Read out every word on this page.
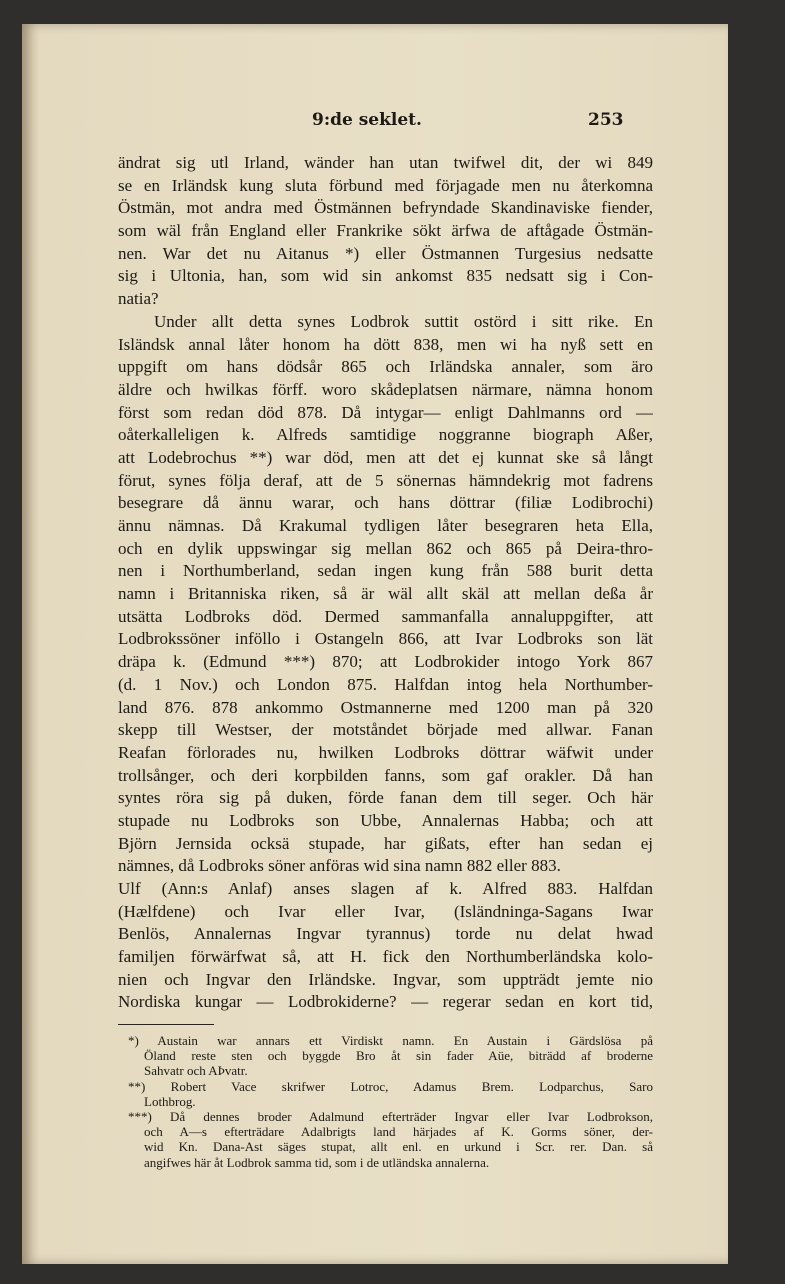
9:de seklet.	253
ändrat sig utl Irland, wänder han utan twifwel dit, der wi 849
se en Irländsk kung sluta förbund med förjagade men nu återkomna
Östmän, mot andra med Östmännen befryndade Skandinaviske fiender,
som wäl från England eller Frankrike sökt ärfwa de aftågade Östmän-
nen. War det nu Aitanus *) eller Östmannen Turgesius nedsatte
sig i Ultonia, han, som wid sin ankomst 835 nedsatt sig i Con-
natia?
Under allt detta synes Lodbrok suttit ostörd i sitt rike. En
Isländsk annal låter honom ha dött 838, men wi ha nyß sett en
uppgift om hans dödsår 865 och Irländska annaler, som äro
äldre och hwilkas förff. woro skådeplatsen närmare, nämna honom
först som redan död 878. Då intygar— enligt Dahlmanns ord —
oåterkalleligen k. Alfreds samtidige noggranne biograph Aßer,
att Lodebrochus **) war död, men att det ej kunnat ske så långt
förut, synes följa deraf, att de 5 sönernas hämndekrig mot fadrens
besegrare då ännu warar, och hans döttrar (filiæ Lodibrochi)
ännu nämnas. Då Krakumal tydligen låter besegraren heta Ella,
och en dylik uppswingar sig mellan 862 och 865 på Deira-thro-
nen i Northumberland, sedan ingen kung från 588 burit detta
namn i Britanniska riken, så är wäl allt skäl att mellan deßa år
utsätta Lodbroks död. Dermed sammanfalla annaluppgifter, att
Lodbrokssöner inföllo i Ostangeln 866, att Ivar Lodbroks son lät
dräpa k. (Edmund ***) 870; att Lodbrokider intogo York 867
(d. 1 Nov.) och London 875. Halfdan intog hela Northumber-
land 876. 878 ankommo Ostmannerne med 1200 man på 320
skepp till Westser, der motståndet började med allwar. Fanan
Reafan förlorades nu, hwilken Lodbroks döttrar wäfwit under
trollsånger, och deri korpbilden fanns, som gaf orakler. Då han
syntes röra sig på duken, förde fanan dem till seger. Och här
stupade nu Lodbroks son Ubbe, Annalernas Habba; och att
Björn Jernsida ocksä stupade, har gißats, efter han sedan ej
nämnes, då Lodbroks söner anföras wid sina namn 882 eller 883.
Ulf (Ann:s Anlaf) anses slagen af k. Alfred 883. Halfdan
(Hælfdene) och Ivar eller Ivar, (Isländninga-Sagans Iwar
Benlös, Annalernas Ingvar tyrannus) torde nu delat hwad
familjen förwärfwat så, att H. fick den Northumberländska kolo-
nien och Ingvar den Irländske. Ingvar, som uppträdt jemte nio
Nordiska kungar — Lodbrokiderne? — regerar sedan en kort tid,
*) Austain war annars ett Virdiskt namn. En Austain i Gärdslösa på
Öland reste sten och byggde Bro åt sin fader Aüe, biträdd af broderne
Sahvatr och AÞvatr.
**) Robert Vace skrifwer Lotroc, Adamus Brem. Lodparchus, Saro
Lothbrog.
***) Då dennes broder Adalmund efterträder Ingvar eller Ivar Lodbrokson,
och A—s efterträdare Adalbrigts land härjades af K. Gorms söner, der-
wid Kn. Dana-Ast säges stupat, allt enl. en urkund i Scr. rer. Dan. så
angifwes här åt Lodbrok samma tid, som i de utländska annalerna.
